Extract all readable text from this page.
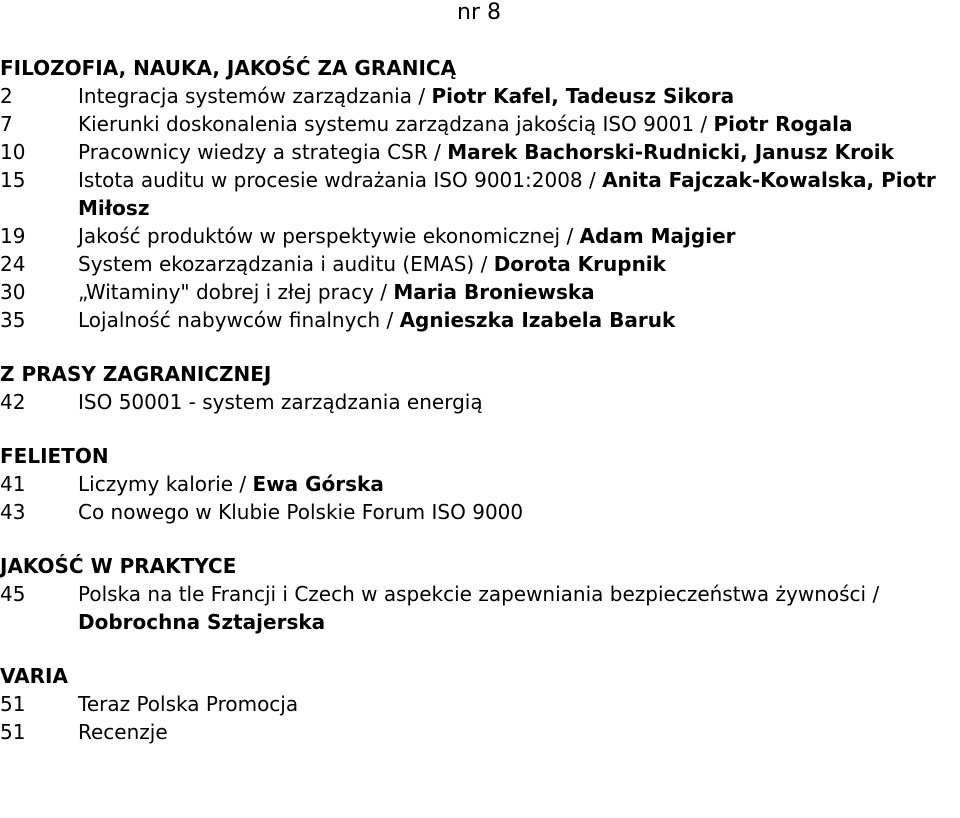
nr 8
FILOZOFIA, NAUKA, JAKOŚĆ ZA GRANICĄ
2	Integracja systemów zarządzania / Piotr Kafel, Tadeusz Sikora
7	Kierunki doskonalenia systemu zarządzana jakością ISO 9001 / Piotr Rogala
10	Pracownicy wiedzy a strategia CSR / Marek Bachorski-Rudnicki, Janusz Kroik
15	Istota auditu w procesie wdrażania ISO 9001:2008 / Anita Fajczak-Kowalska, Piotr Miłosz
19	Jakość produktów w perspektywie ekonomicznej / Adam Majgier
24	System ekozarządzania i auditu (EMAS) / Dorota Krupnik
30	„Witaminy" dobrej i złej pracy / Maria Broniewska
35	Lojalność nabywców finalnych / Agnieszka Izabela Baruk
Z PRASY ZAGRANICZNEJ
42	ISO 50001 - system zarządzania energią
FELIETON
41	Liczymy kalorie / Ewa Górska
43	Co nowego w Klubie Polskie Forum ISO 9000
JAKOŚĆ W PRAKTYCE
45	Polska na tle Francji i Czech w aspekcie zapewniania bezpieczeństwa żywności / Dobrochna Sztajerska
VARIA
51	Teraz Polska Promocja
51	Recenzje
